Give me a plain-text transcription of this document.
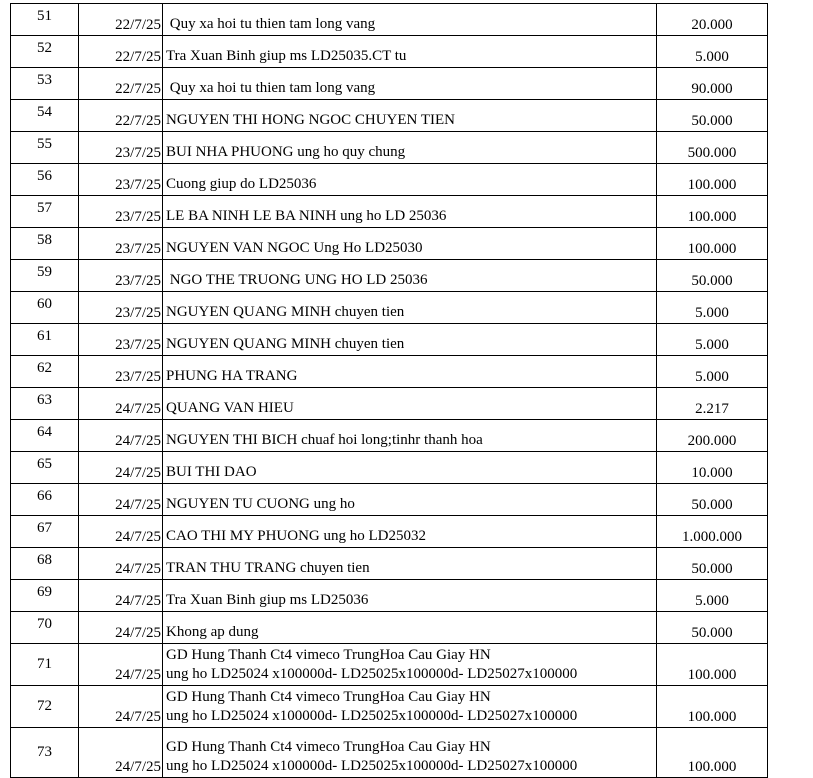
51	22/7/25	Quy xa hoi tu thien tam long vang	20.000
52	22/7/25	Tra Xuan Binh giup ms LD25035.CT tu	5.000
53	22/7/25	Quy xa hoi tu thien tam long vang	90.000
54	22/7/25	NGUYEN THI HONG NGOC CHUYEN TIEN	50.000
55	23/7/25	BUI NHA PHUONG ung ho quy chung	500.000
56	23/7/25	Cuong giup do LD25036	100.000
57	23/7/25	LE BA NINH LE BA NINH ung ho LD 25036	100.000
58	23/7/25	NGUYEN VAN NGOC Ung Ho LD25030	100.000
59	23/7/25	NGO THE TRUONG UNG HO LD 25036	50.000
60	23/7/25	NGUYEN QUANG MINH chuyen tien	5.000
61	23/7/25	NGUYEN QUANG MINH chuyen tien	5.000
62	23/7/25	PHUNG HA TRANG	5.000
63	24/7/25	QUANG VAN HIEU	2.217
64	24/7/25	NGUYEN THI BICH chuaf hoi long;tinhr thanh hoa	200.000
65	24/7/25	BUI THI DAO	10.000
66	24/7/25	NGUYEN TU CUONG ung ho	50.000
67	24/7/25	CAO THI MY PHUONG ung ho LD25032	1.000.000
68	24/7/25	TRAN THU TRANG chuyen tien	50.000
69	24/7/25	Tra Xuan Binh giup ms LD25036	5.000
70	24/7/25	Khong ap dung	50.000
71	24/7/25	GD Hung Thanh Ct4 vimeco TrungHoa Cau Giay HN
ung ho LD25024 x100000d- LD25025x100000d- LD25027x100000	100.000
72	24/7/25	GD Hung Thanh Ct4 vimeco TrungHoa Cau Giay HN
ung ho LD25024 x100000d- LD25025x100000d- LD25027x100000	100.000
73	24/7/25	GD Hung Thanh Ct4 vimeco TrungHoa Cau Giay HN
ung ho LD25024 x100000d- LD25025x100000d- LD25027x100000	100.000
